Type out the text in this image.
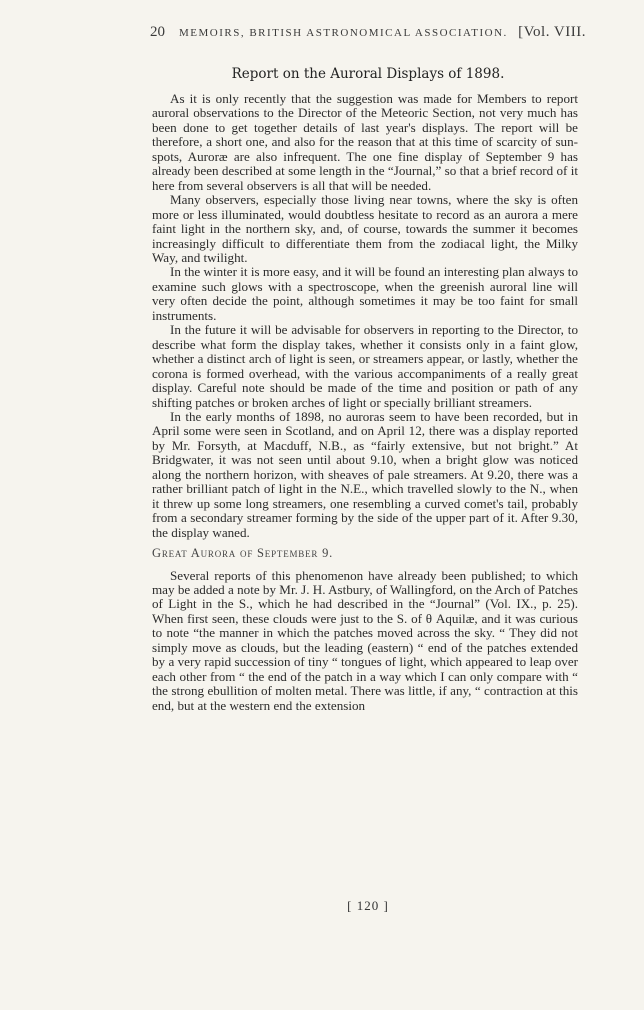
20 MEMOIRS, BRITISH ASTRONOMICAL ASSOCIATION. [Vol. VIII.
Report on the Auroral Displays of 1898.

As it is only recently that the suggestion was made for Members to report auroral observations to the Director of the Meteoric Section, not very much has been done to get together details of last year's displays. The report will be therefore, a short one, and also for the reason that at this time of scarcity of sun-spots, Auroræ are also infrequent. The one fine display of September 9 has already been described at some length in the “Journal,” so that a brief record of it here from several observers is all that will be needed.

Many observers, especially those living near towns, where the sky is often more or less illuminated, would doubtless hesitate to record as an aurora a mere faint light in the northern sky, and, of course, towards the summer it becomes increasingly difficult to differentiate them from the zodiacal light, the Milky Way, and twilight.

In the winter it is more easy, and it will be found an interesting plan always to examine such glows with a spectroscope, when the greenish auroral line will very often decide the point, although sometimes it may be too faint for small instruments.

In the future it will be advisable for observers in reporting to the Director, to describe what form the display takes, whether it consists only in a faint glow, whether a distinct arch of light is seen, or streamers appear, or lastly, whether the corona is formed overhead, with the various accompaniments of a really great display. Careful note should be made of the time and position or path of any shifting patches or broken arches of light or specially brilliant streamers.

In the early months of 1898, no auroras seem to have been recorded, but in April some were seen in Scotland, and on April 12, there was a display reported by Mr. Forsyth, at Macduff, N.B., as “fairly extensive, but not bright.” At Bridgwater, it was not seen until about 9.10, when a bright glow was noticed along the northern horizon, with sheaves of pale streamers. At 9.20, there was a rather brilliant patch of light in the N.E., which travelled slowly to the N., when it threw up some long streamers, one resembling a curved comet's tail, probably from a secondary streamer forming by the side of the upper part of it. After 9.30, the display waned.

Great Aurora of September 9.

Several reports of this phenomenon have already been published; to which may be added a note by Mr. J. H. Astbury, of Wallingford, on the Arch of Patches of Light in the S., which he had described in the “Journal” (Vol. IX., p. 25). When first seen, these clouds were just to the S. of θ Aquilæ, and it was curious to note “the manner in which the patches moved across the sky. “ They did not simply move as clouds, but the leading (eastern) “ end of the patches extended by a very rapid succession of tiny “ tongues of light, which appeared to leap over each other from “ the end of the patch in a way which I can only compare with “ the strong ebullition of molten metal. There was little, if any, “ contraction at this end, but at the western end the extension

[ 120 ]
